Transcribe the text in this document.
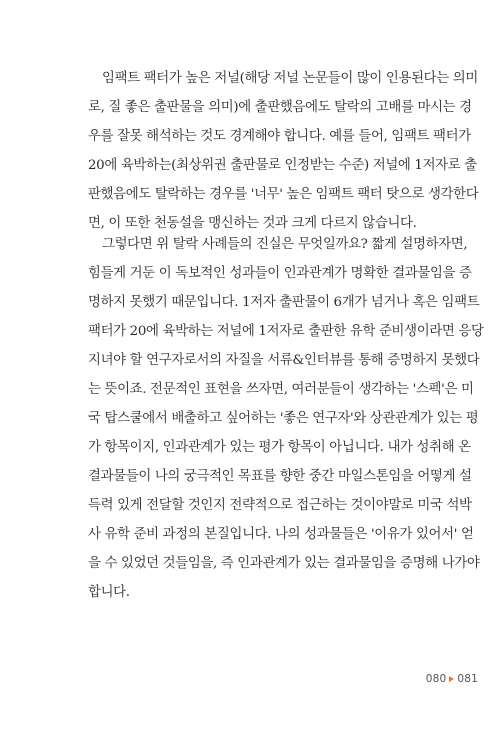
임팩트 팩터가 높은 저널(해당 저널 논문들이 많이 인용된다는 의미
로, 질 좋은 출판물을 의미)에 출판했음에도 탈락의 고배를 마시는 경
우를 잘못 해석하는 것도 경계해야 합니다. 예를 들어, 임팩트 팩터가
20에 육박하는(최상위권 출판물로 인정받는 수준) 저널에 1저자로 출
판했음에도 탈락하는 경우를 '너무' 높은 임팩트 팩터 탓으로 생각한다
면, 이 또한 천동설을 맹신하는 것과 크게 다르지 않습니다.
그렇다면 위 탈락 사례들의 진실은 무엇일까요? 짧게 설명하자면,
힘들게 거둔 이 독보적인 성과들이 인과관계가 명확한 결과물임을 증
명하지 못했기 때문입니다. 1저자 출판물이 6개가 넘거나 혹은 임팩트
팩터가 20에 육박하는 저널에 1저자로 출판한 유학 준비생이라면 응당
지녀야 할 연구자로서의 자질을 서류&인터뷰를 통해 증명하지 못했다
는 뜻이죠. 전문적인 표현을 쓰자면, 여러분들이 생각하는 '스펙'은 미
국 탑스쿨에서 배출하고 싶어하는 '좋은 연구자'와 상관관계가 있는 평
가 항목이지, 인과관계가 있는 평가 항목이 아닙니다. 내가 성취해 온
결과물들이 나의 궁극적인 목표를 향한 중간 마일스톤임을 어떻게 설
득력 있게 전달할 것인지 전략적으로 접근하는 것이야말로 미국 석박
사 유학 준비 과정의 본질입니다. 나의 성과물들은 '이유가 있어서' 얻
을 수 있었던 것들임을, 즉 인과관계가 있는 결과물임을 증명해 나가야
합니다.
080 081
